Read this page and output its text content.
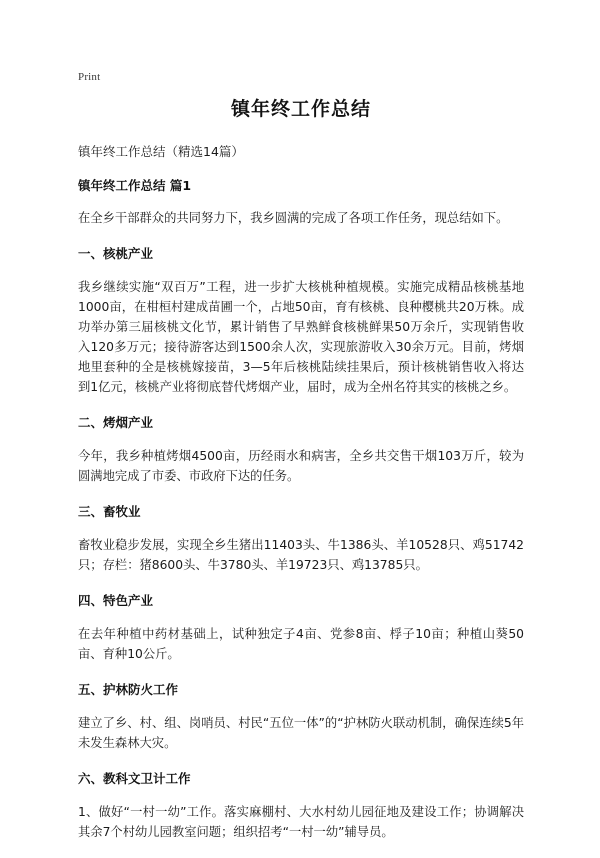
Print
镇年终工作总结
镇年终工作总结（精选14篇）
镇年终工作总结 篇1

在全乡干部群众的共同努力下，我乡圆满的完成了各项工作任务，现总结如下。

一、核桃产业

我乡继续实施“双百万”工程，进一步扩大核桃种植规模。实施完成精品核桃基地1000亩，在柑桓村建成苗圃一个，占地50亩，育有核桃、良种樱桃共20万株。成功举办第三届核桃文化节，累计销售了早熟鲜食核桃鲜果50万余斤，实现销售收入120多万元；接待游客达到1500余人次，实现旅游收入30余万元。目前，烤烟地里套种的全是核桃嫁接苗，3—5年后核桃陆续挂果后，预计核桃销售收入将达到1亿元，核桃产业将彻底替代烤烟产业，届时，成为全州名符其实的核桃之乡。

二、烤烟产业

今年，我乡种植烤烟4500亩，历经雨水和病害，全乡共交售干烟103万斤，较为圆满地完成了市委、市政府下达的任务。

三、畜牧业

畜牧业稳步发展，实现全乡生猪出11403头、牛1386头、羊10528只、鸡51742只；存栏：猪8600头、牛3780头、羊19723只、鸡13785只。

四、特色产业

在去年种植中药材基础上，试种独定子4亩、党参8亩、桴子10亩；种植山葵50亩、育种10公斤。

五、护林防火工作

建立了乡、村、组、岗哨员、村民“五位一体”的“护林防火联动机制，确保连续5年未发生森林大灾。

六、教科文卫计工作

1、做好“一村一幼”工作。落实麻棚村、大水村幼儿园征地及建设工作；协调解决其余7个村幼儿园教室问题；组织招考“一村一幼”辅导员。
